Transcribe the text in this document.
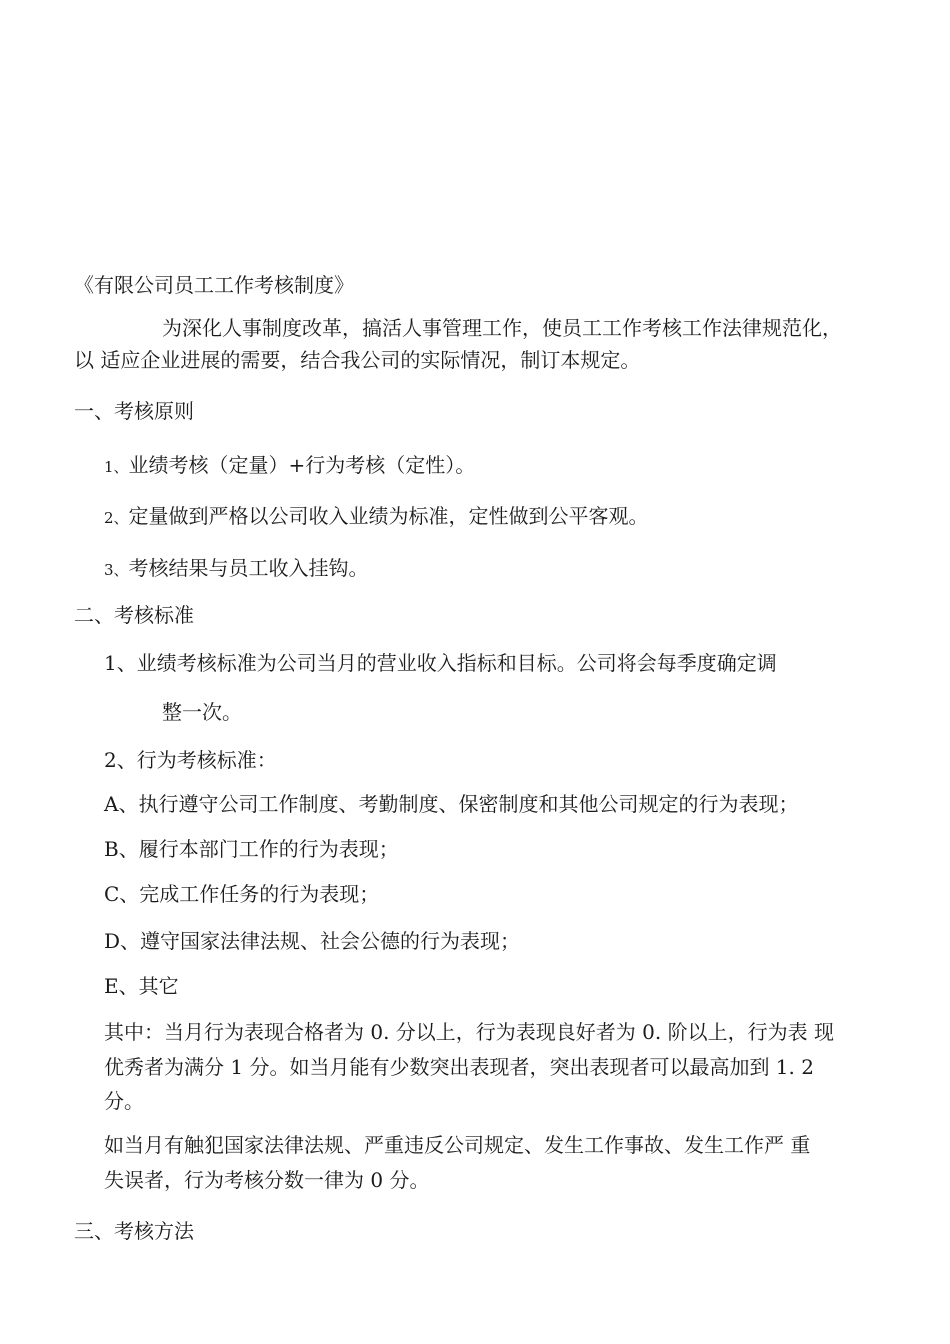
《有限公司员工工作考核制度》
为深化人事制度改革，搞活人事管理工作，使员工工作考核工作法律规范化，
以 适应企业进展的需要，结合我公司的实际情况，制订本规定。
一、考核原则
1、业绩考核（定量）+行为考核（定性）。
2、定量做到严格以公司收入业绩为标准，定性做到公平客观。
3、考核结果与员工收入挂钩。
二、考核标准
1、业绩考核标准为公司当月的营业收入指标和目标。公司将会每季度确定调
整一次。
2、行为考核标准：
A、执行遵守公司工作制度、考勤制度、保密制度和其他公司规定的行为表现；
B、履行本部门工作的行为表现；
C、完成工作任务的行为表现；
D、遵守国家法律法规、社会公德的行为表现；
E、其它
其中：当月行为表现合格者为 0. 分以上，行为表现良好者为 0. 阶以上，行为表 现
优秀者为满分 1 分。如当月能有少数突出表现者，突出表现者可以最高加到 1. 2
分。
如当月有触犯国家法律法规、严重违反公司规定、发生工作事故、发生工作严 重
失误者，行为考核分数一律为 0 分。
三、考核方法
